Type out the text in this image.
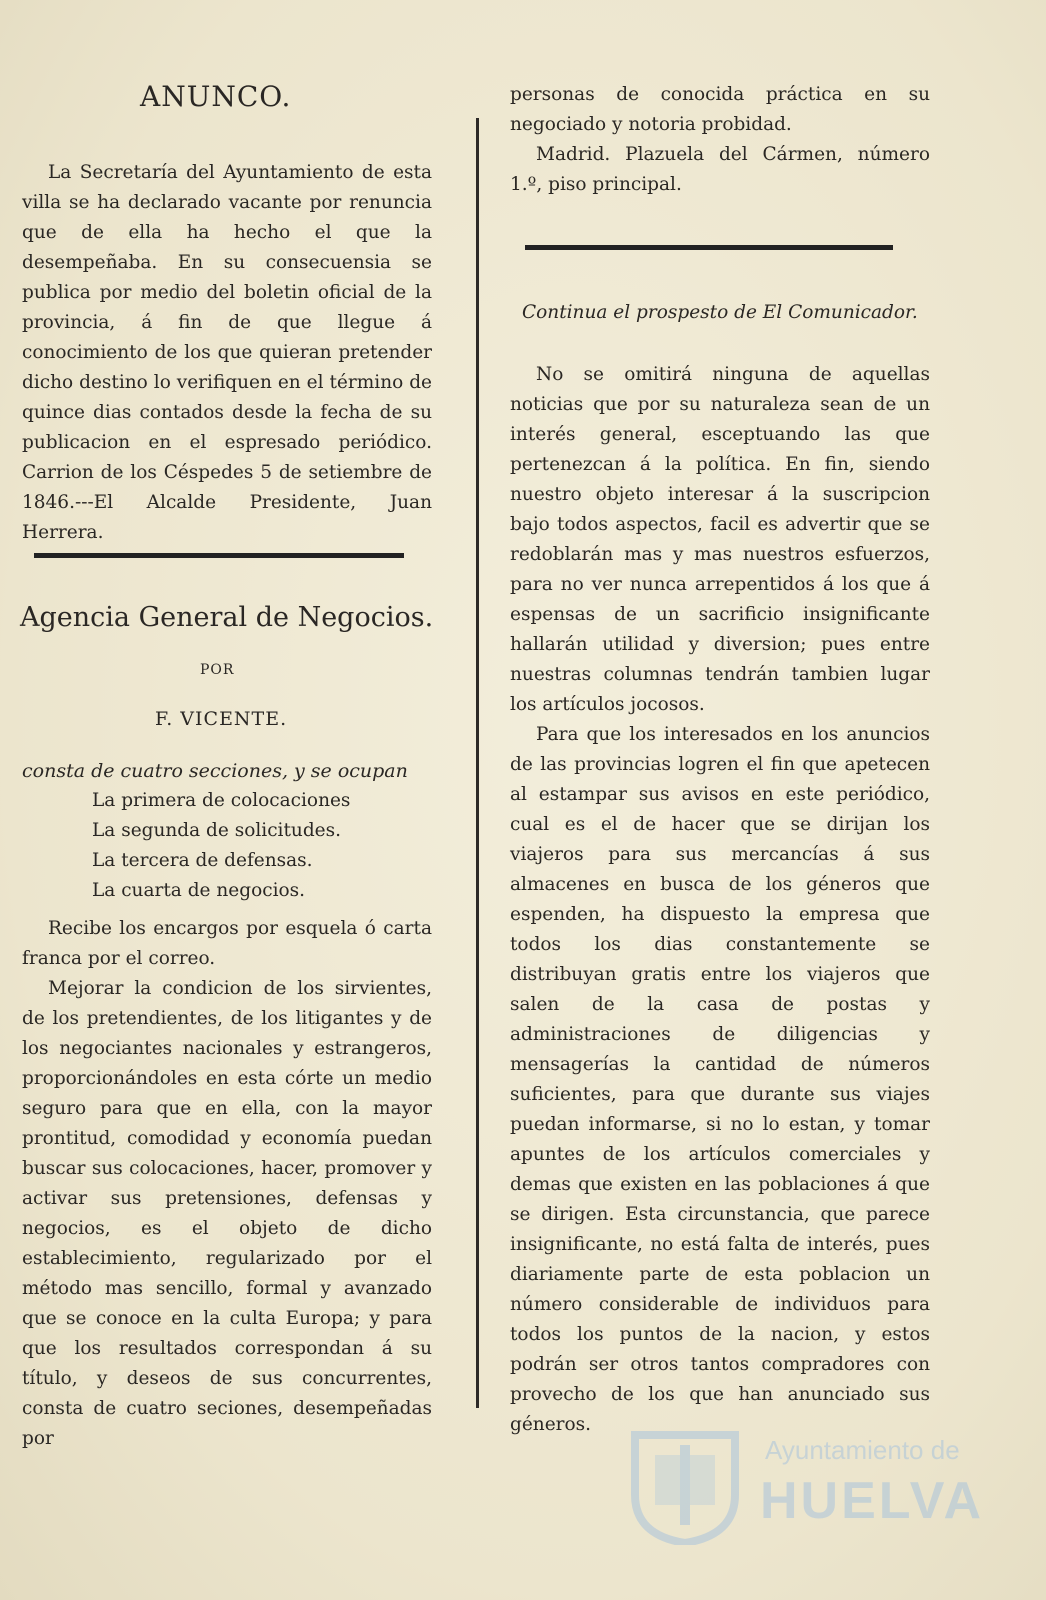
ANUNCO.

La Secretaría del Ayuntamiento de esta villa se ha declarado vacante por renuncia que de ella ha hecho el que la desempeñaba. En su consecuensia se publica por medio del boletin oficial de la provincia, á fin de que llegue á conocimiento de los que quieran pretender dicho destino lo verifiquen en el término de quince dias contados desde la fecha de su publicacion en el espresado periódico. Carrion de los Céspedes 5 de setiembre de 1846.---El Alcalde Presidente, Juan Herrera.

Agencia General de Negocios.
POR
F. VICENTE.
consta de cuatro secciones, y se ocupan
La primera de colocaciones
La segunda de solicitudes.
La tercera de defensas.
La cuarta de negocios.

Recibe los encargos por esquela ó carta franca por el correo.

Mejorar la condicion de los sirvientes, de los pretendientes, de los litigantes y de los negociantes nacionales y estrangeros, proporcionándoles en esta córte un medio seguro para que en ella, con la mayor prontitud, comodidad y economía puedan buscar sus colocaciones, hacer, promover y activar sus pretensiones, defensas y negocios, es el objeto de dicho establecimiento, regularizado por el método mas sencillo, formal y avanzado que se conoce en la culta Europa; y para que los resultados correspondan á su título, y deseos de sus concurrentes, consta de cuatro seciones, desempeñadas por

personas de conocida práctica en su negociado y notoria probidad.

Madrid. Plazuela del Cármen, número 1.º, piso principal.

Continua el prospesto de El Comunicador.

No se omitirá ninguna de aquellas noticias que por su naturaleza sean de un interés general, esceptuando las que pertenezcan á la política. En fin, siendo nuestro objeto interesar á la suscripcion bajo todos aspectos, facil es advertir que se redoblarán mas y mas nuestros esfuerzos, para no ver nunca arrepentidos á los que á espensas de un sacrificio insignificante hallarán utilidad y diversion; pues entre nuestras columnas tendrán tambien lugar los artículos jocosos.

Para que los interesados en los anuncios de las provincias logren el fin que apetecen al estampar sus avisos en este periódico, cual es el de hacer que se dirijan los viajeros para sus mercancías á sus almacenes en busca de los géneros que espenden, ha dispuesto la empresa que todos los dias constantemente se distribuyan gratis entre los viajeros que salen de la casa de postas y administraciones de diligencias y mensagerías la cantidad de números suficientes, para que durante sus viajes puedan informarse, si no lo estan, y tomar apuntes de los artículos comerciales y demas que existen en las poblaciones á que se dirigen. Esta circunstancia, que parece insignificante, no está falta de interés, pues diariamente parte de esta poblacion un número considerable de individuos para todos los puntos de la nacion, y estos podrán ser otros tantos compradores con provecho de los que han anunciado sus géneros.

Ayuntamiento de
HUELVA
